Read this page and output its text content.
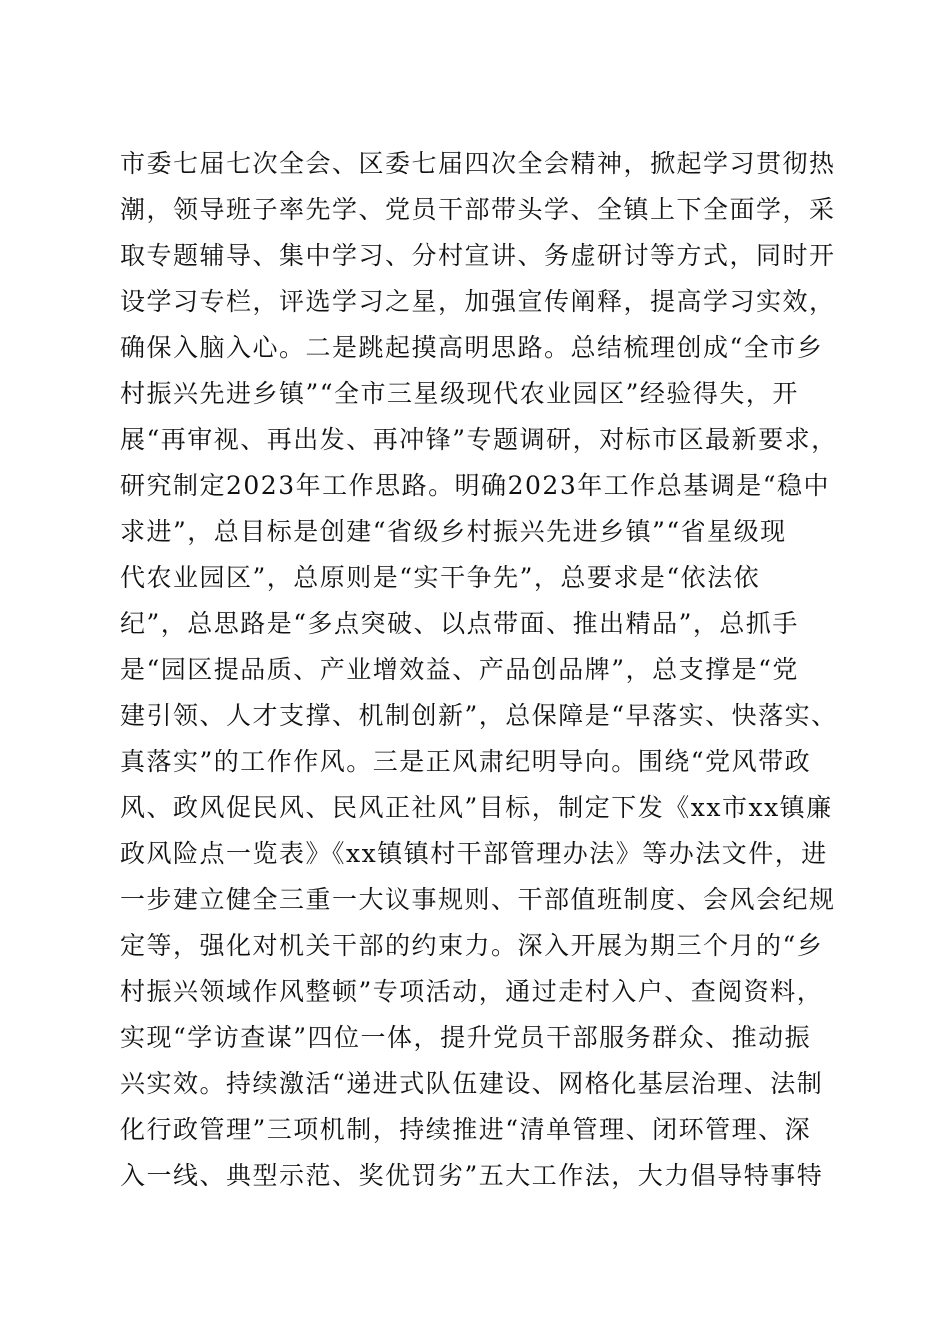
市委七届七次全会、区委七届四次全会精神，掀起学习贯彻热
潮，领导班子率先学、党员干部带头学、全镇上下全面学，采
取专题辅导、集中学习、分村宣讲、务虚研讨等方式，同时开
设学习专栏，评选学习之星，加强宣传阐释，提高学习实效，
确保入脑入心。二是跳起摸高明思路。总结梳理创成“全市乡
村振兴先进乡镇”“全市三星级现代农业园区”经验得失，开
展“再审视、再出发、再冲锋”专题调研，对标市区最新要求，
研究制定2023年工作思路。明确2023年工作总基调是“稳中
求进”，总目标是创建“省级乡村振兴先进乡镇”“省星级现
代农业园区”，总原则是“实干争先”，总要求是“依法依
纪”，总思路是“多点突破、以点带面、推出精品”，总抓手
是“园区提品质、产业增效益、产品创品牌”，总支撑是“党
建引领、人才支撑、机制创新”，总保障是“早落实、快落实、
真落实”的工作作风。三是正风肃纪明导向。围绕“党风带政
风、政风促民风、民风正社风”目标，制定下发《xx市xx镇廉
政风险点一览表》《xx镇镇村干部管理办法》等办法文件，进
一步建立健全三重一大议事规则、干部值班制度、会风会纪规
定等，强化对机关干部的约束力。深入开展为期三个月的“乡
村振兴领域作风整顿”专项活动，通过走村入户、查阅资料，
实现“学访查谋”四位一体，提升党员干部服务群众、推动振
兴实效。持续激活“递进式队伍建设、网格化基层治理、法制
化行政管理”三项机制，持续推进“清单管理、闭环管理、深
入一线、典型示范、奖优罚劣”五大工作法，大力倡导特事特
